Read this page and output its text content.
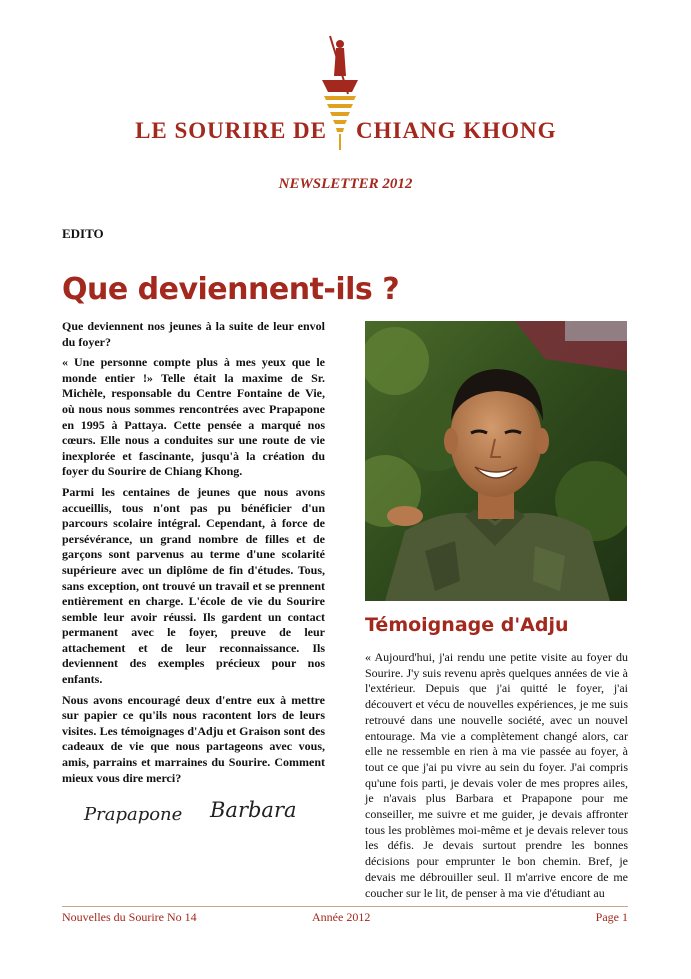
LE SOURIRE DE CHIANG KHONG
NEWSLETTER 2012
EDITO
Que deviennent-ils ?

Que deviennent nos jeunes à la suite de leur envol du foyer?

« Une personne compte plus à mes yeux que le monde entier !» Telle était la maxime de Sr. Michèle, responsable du Centre Fontaine de Vie, où nous nous sommes rencontrées avec Prapapone en 1995 à Pattaya. Cette pensée a marqué nos cœurs. Elle nous a conduites sur une route de vie inexplorée et fascinante, jusqu'à la création du foyer du Sourire de Chiang Khong.

Parmi les centaines de jeunes que nous avons accueillis, tous n'ont pas pu bénéficier d'un parcours scolaire intégral. Cependant, à force de persévérance, un grand nombre de filles et de garçons sont parvenus au terme d'une scolarité supérieure avec un diplôme de fin d'études. Tous, sans exception, ont trouvé un travail et se prennent entièrement en charge. L'école de vie du Sourire semble leur avoir réussi. Ils gardent un contact permanent avec le foyer, preuve de leur attachement et de leur reconnaissance. Ils deviennent des exemples précieux pour nos enfants.

Nous avons encouragé deux d'entre eux à mettre sur papier ce qu'ils nous racontent lors de leurs visites. Les témoignages d'Adju et Graison sont des cadeaux de vie que nous partageons avec vous, amis, parrains et marraines du Sourire. Comment mieux vous dire merci?

Prapapone Barbara
Témoignage d'Adju

« Aujourd'hui, j'ai rendu une petite visite au foyer du Sourire. J'y suis revenu après quelques années de vie à l'extérieur. Depuis que j'ai quitté le foyer, j'ai découvert et vécu de nouvelles expériences, je me suis retrouvé dans une nouvelle société, avec un nouvel entourage. Ma vie a complètement changé alors, car elle ne ressemble en rien à ma vie passée au foyer, à tout ce que j'ai pu vivre au sein du foyer. J'ai compris qu'une fois parti, je devais voler de mes propres ailes, je n'avais plus Barbara et Prapapone pour me conseiller, me suivre et me guider, je devais affronter tous les problèmes moi-même et je devais relever tous les défis. Je devais surtout prendre les bonnes décisions pour emprunter le bon chemin. Bref, je devais me débrouiller seul. Il m'arrive encore de me coucher sur le lit, de penser à ma vie d'étudiant au

Nouvelles du Sourire No 14	Année 2012	Page 1
